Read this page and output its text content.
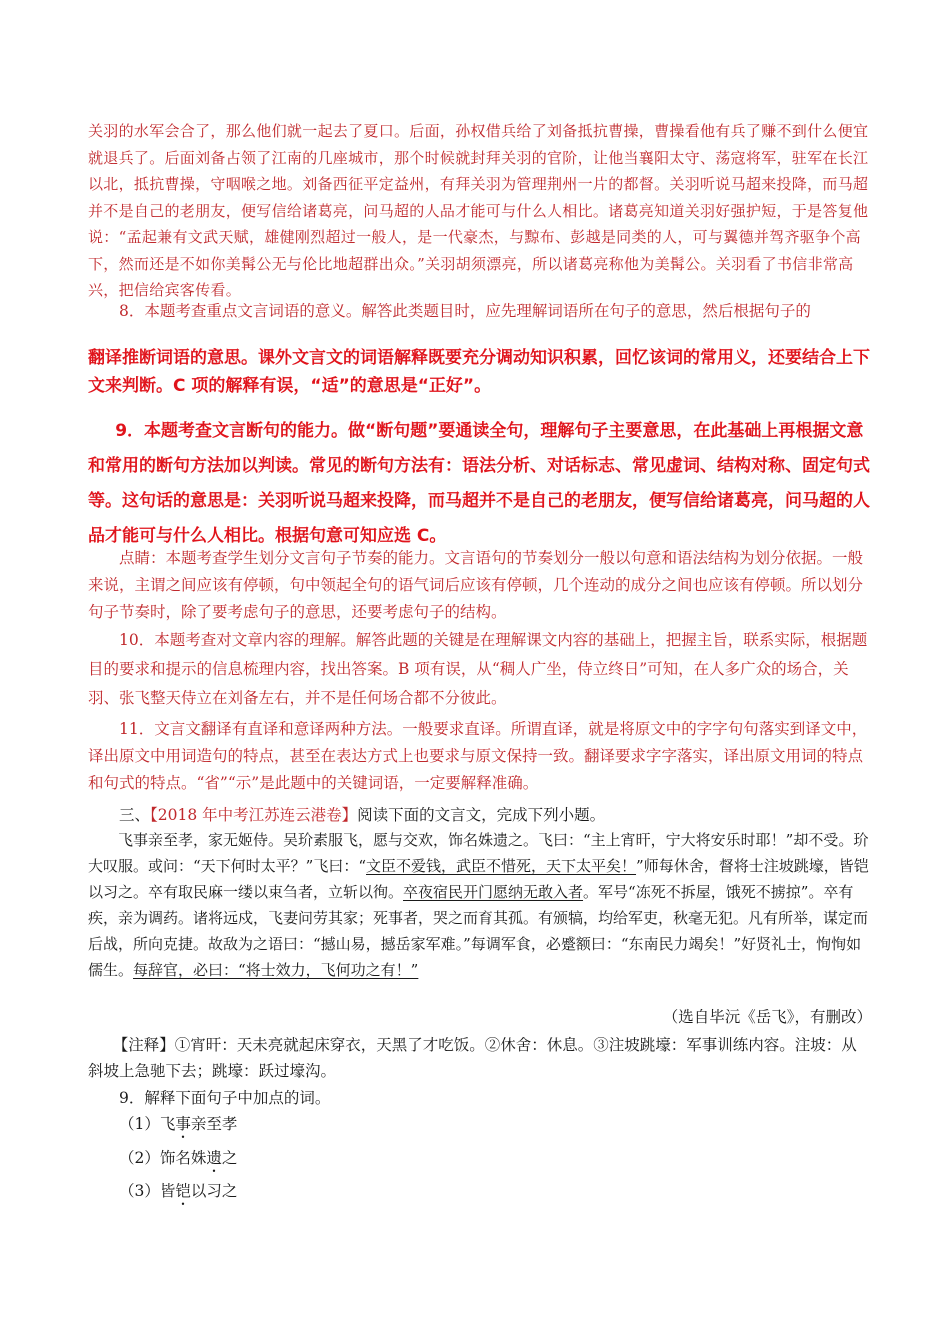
关羽的水军会合了，那么他们就一起去了夏口。后面，孙权借兵给了刘备抵抗曹操，曹操看他有兵了赚不到什么便宜就退兵了。后面刘备占领了江南的几座城市，那个时候就封拜关羽的官阶，让他当襄阳太守、荡寇将军，驻军在长江以北，抵抗曹操，守咽喉之地。刘备西征平定益州，有拜关羽为管理荆州一片的都督。关羽听说马超来投降，而马超并不是自己的老朋友，便写信给诸葛亮，问马超的人品才能可与什么人相比。诸葛亮知道关羽好强护短，于是答复他说：“孟起兼有文武天赋，雄健刚烈超过一般人，是一代豪杰，与黥布、彭越是同类的人，可与翼德并驾齐驱争个高下，然而还是不如你美髯公无与伦比地超群出众。”关羽胡须漂亮，所以诸葛亮称他为美髯公。关羽看了书信非常高兴，把信给宾客传看。

8．本题考查重点文言词语的意义。解答此类题目时，应先理解词语所在句子的意思，然后根据句子的

翻译推断词语的意思。课外文言文的词语解释既要充分调动知识积累，回忆该词的常用义，还要结合上下文来判断。C 项的解释有误，“适”的意思是“正好”。

9．本题考查文言断句的能力。做“断句题”要通读全句，理解句子主要意思，在此基础上再根据文意和常用的断句方法加以判读。常见的断句方法有：语法分析、对话标志、常见虚词、结构对称、固定句式等。这句话的意思是：关羽听说马超来投降，而马超并不是自己的老朋友，便写信给诸葛亮，问马超的人品才能可与什么人相比。根据句意可知应选 C。

点睛：本题考查学生划分文言句子节奏的能力。文言语句的节奏划分一般以句意和语法结构为划分依据。一般来说，主谓之间应该有停顿，句中领起全句的语气词后应该有停顿，几个连动的成分之间也应该有停顿。所以划分句子节奏时，除了要考虑句子的意思，还要考虑句子的结构。

10．本题考查对文章内容的理解。解答此题的关键是在理解课文内容的基础上，把握主旨，联系实际，根据题目的要求和提示的信息梳理内容，找出答案。B 项有误，从“稠人广坐，侍立终日”可知，在人多广众的场合，关羽、张飞整天侍立在刘备左右，并不是任何场合都不分彼此。

11．文言文翻译有直译和意译两种方法。一般要求直译。所谓直译，就是将原文中的字字句句落实到译文中，译出原文中用词造句的特点，甚至在表达方式上也要求与原文保持一致。翻译要求字字落实，译出原文用词的特点和句式的特点。“省”“示”是此题中的关键词语，一定要解释准确。

三、【2018 年中考江苏连云港卷】阅读下面的文言文，完成下列小题。

飞事亲至孝，家无姬侍。吴玠素服飞，愿与交欢，饰名姝遗之。飞曰：“主上宵旰，宁大将安乐时耶！”却不受。玠大叹服。或问：“天下何时太平？”飞曰：“文臣不爱钱，武臣不惜死，天下太平矣！”师每休舍，督将士注坡跳壕，皆铠以习之。卒有取民麻一缕以束刍者，立斩以徇。卒夜宿民开门愿纳无敢入者。军号“冻死不拆屋，饿死不掳掠”。卒有疾，亲为调药。诸将远戍，飞妻问劳其家；死事者，哭之而育其孤。有颁犒，均给军吏，秋毫无犯。凡有所举，谋定而后战，所向克捷。故敌为之语曰：“撼山易，撼岳家军难。”每调军食，必蹙额曰：“东南民力竭矣！”好贤礼士，恂恂如儒生。每辞官，必曰：“将士效力，飞何功之有！”

（选自毕沅《岳飞》，有删改）

【注释】①宵旰：天未亮就起床穿衣，天黑了才吃饭。②休舍：休息。③注坡跳壕：军事训练内容。注坡：从斜坡上急驰下去；跳壕：跃过壕沟。

9．解释下面句子中加点的词。

（1）飞事亲至孝

（2）饰名姝遗之

（3）皆铠以习之
